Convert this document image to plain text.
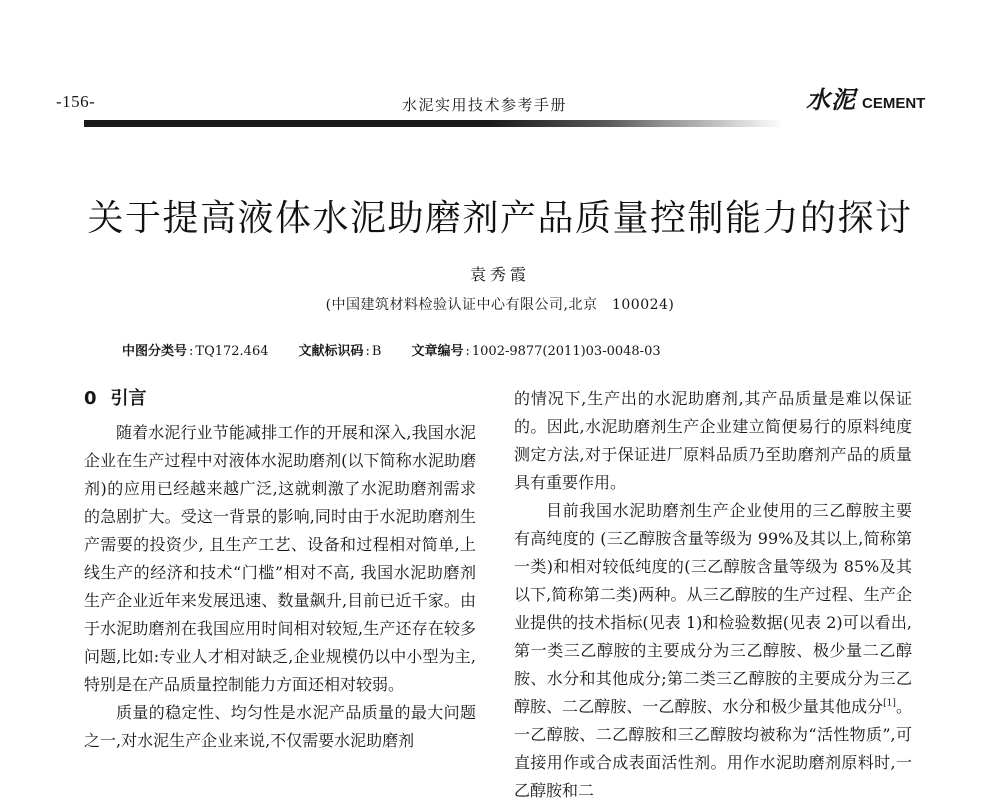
-156-	水泥实用技术参考手册	水泥 CEMENT
关于提高液体水泥助磨剂产品质量控制能力的探讨
袁秀霞
(中国建筑材料检验认证中心有限公司,北京　100024)
中图分类号 : TQ172.464 文献标识码 : B 文章编号 : 1002-9877(2011)03-0048-03
0 引言

随着水泥行业节能减排工作的开展和深入,我国水泥企业在生产过程中对液体水泥助磨剂(以下简称水泥助磨剂)的应用已经越来越广泛,这就刺激了水泥助磨剂需求的急剧扩大。受这一背景的影响,同时由于水泥助磨剂生产需要的投资少, 且生产工艺、设备和过程相对简单,上线生产的经济和技术“门槛”相对不高, 我国水泥助磨剂生产企业近年来发展迅速、数量飙升,目前已近千家。由于水泥助磨剂在我国应用时间相对较短,生产还存在较多问题,比如:专业人才相对缺乏,企业规模仍以中小型为主,特别是在产品质量控制能力方面还相对较弱。

质量的稳定性、均匀性是水泥产品质量的最大问题之一,对水泥生产企业来说,不仅需要水泥助磨剂

的情况下,生产出的水泥助磨剂,其产品质量是难以保证的。因此,水泥助磨剂生产企业建立简便易行的原料纯度测定方法,对于保证进厂原料品质乃至助磨剂产品的质量具有重要作用。

目前我国水泥助磨剂生产企业使用的三乙醇胺主要有高纯度的 (三乙醇胺含量等级为 99%及其以上,简称第一类)和相对较低纯度的(三乙醇胺含量等级为 85%及其以下,简称第二类)两种。从三乙醇胺的生产过程、生产企业提供的技术指标(见表 1)和检验数据(见表 2)可以看出,第一类三乙醇胺的主要成分为三乙醇胺、极少量二乙醇胺、水分和其他成分;第二类三乙醇胺的主要成分为三乙醇胺、二乙醇胺、一乙醇胺、水分和极少量其他成分[1]。一乙醇胺、二乙醇胺和三乙醇胺均被称为“活性物质”,可直接用作或合成表面活性剂。用作水泥助磨剂原料时,一乙醇胺和二
